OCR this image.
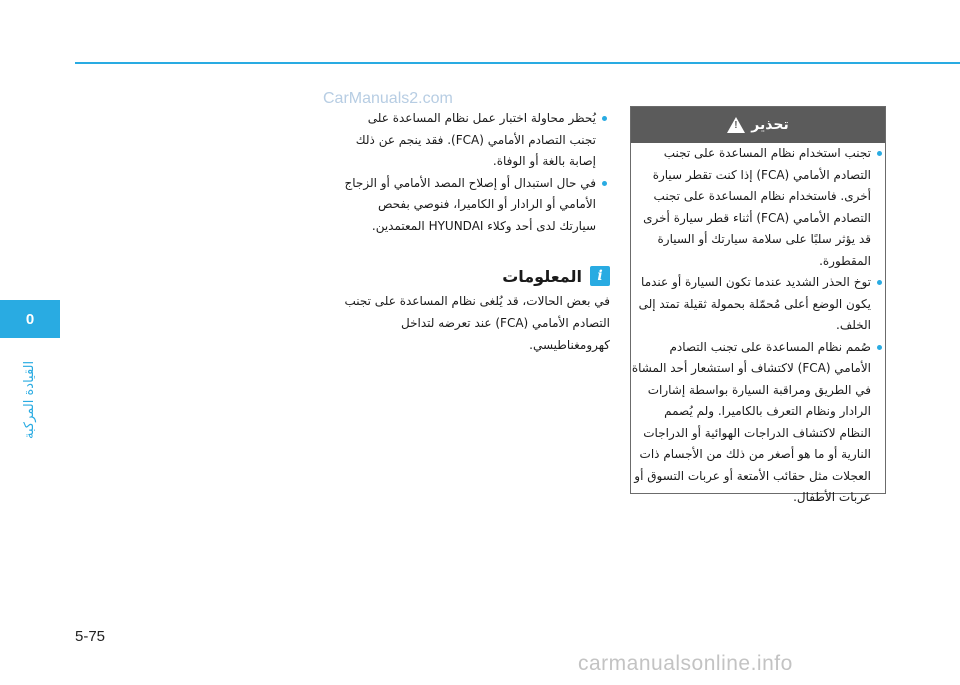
CarManuals2.com
0
القيادة المركبة
تحذير
!
تجنب استخدام نظام المساعدة على تجنب التصادم الأمامي (FCA) إذا كنت تقطر سيارة أخرى. فاستخدام نظام المساعدة على تجنب التصادم الأمامي (FCA) أثناء قطر سيارة أخرى قد يؤثر سلبًا على سلامة سيارتك أو السيارة المقطورة.
توخ الحذر الشديد عندما تكون السيارة أو عندما يكون الوضع أعلى مُحمّلة بحمولة ثقيلة تمتد إلى الخلف.
صُمم نظام المساعدة على تجنب التصادم الأمامي (FCA) لاكتشاف أو استشعار أحد المشاة في الطريق ومراقبة السيارة بواسطة إشارات الرادار ونظام التعرف بالكاميرا. ولم يُصمم النظام لاكتشاف الدراجات الهوائية أو الدراجات النارية أو ما هو أصغر من ذلك من الأجسام ذات العجلات مثل حقائب الأمتعة أو عربات التسوق أو عربات الأطفال.
يُحظر محاولة اختبار عمل نظام المساعدة على تجنب التصادم الأمامي (FCA). فقد ينجم عن ذلك إصابة بالغة أو الوفاة.
في حال استبدال أو إصلاح المصد الأمامي أو الزجاج الأمامي أو الرادار أو الكاميرا، فنوصي بفحص سيارتك لدى أحد وكلاء HYUNDAI المعتمدين.
i
المعلومات
في بعض الحالات، قد يُلغى نظام المساعدة على تجنب التصادم الأمامي (FCA) عند تعرضه لتداخل كهرومغناطيسي.
5-75
carmanualsonline.info
